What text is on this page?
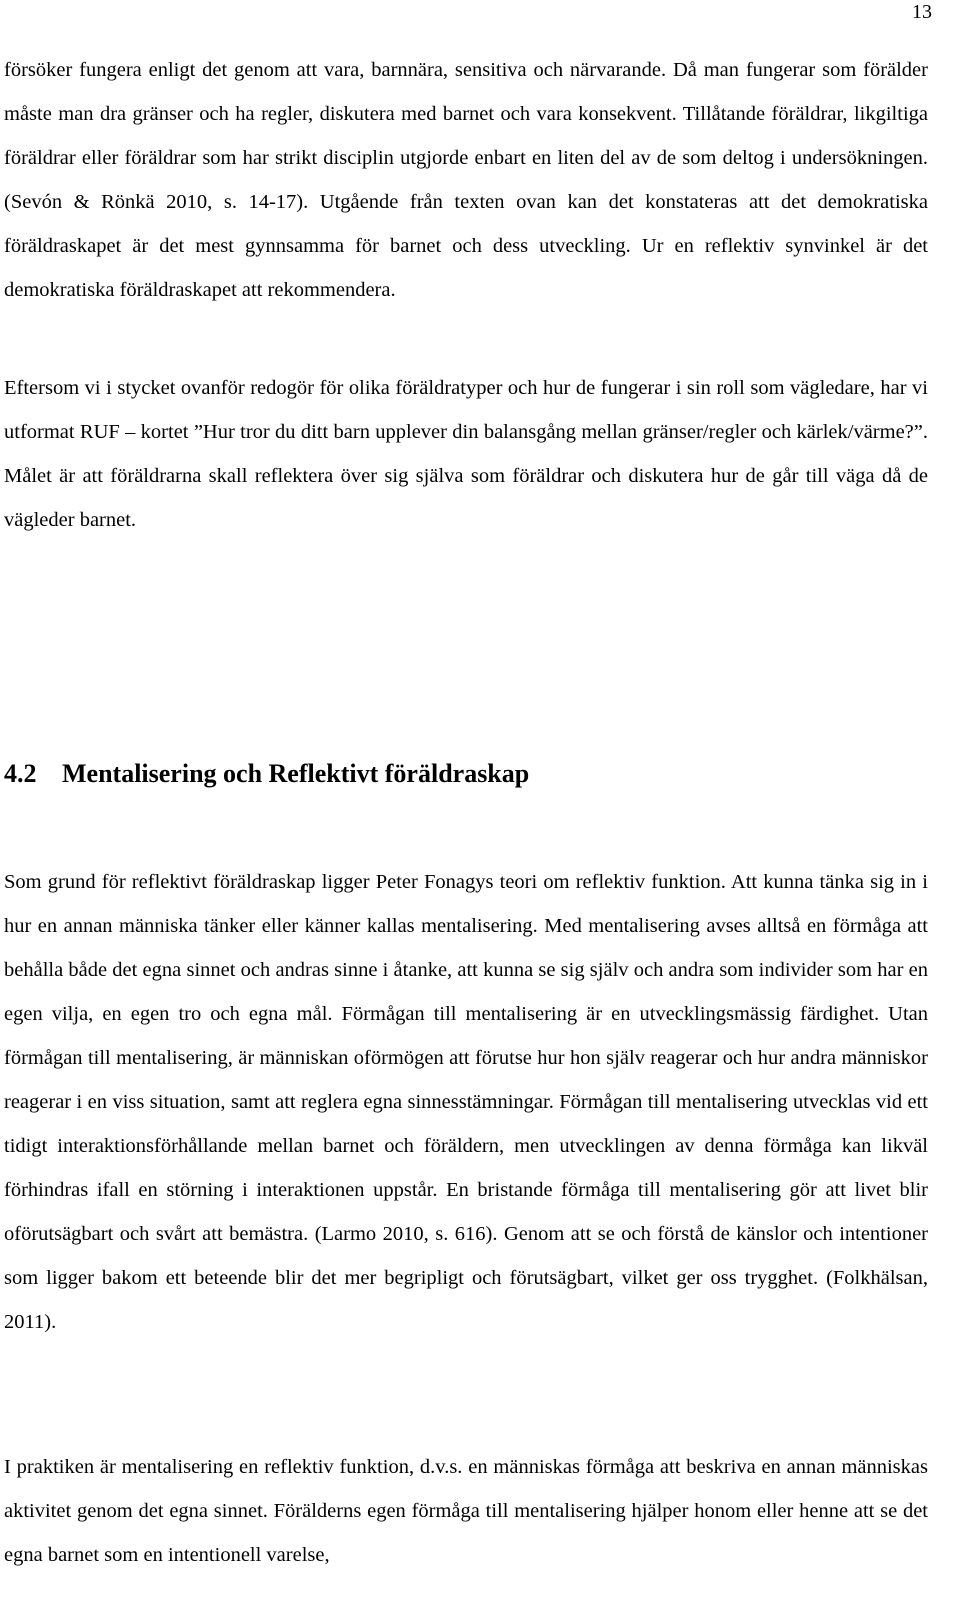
13

försöker fungera enligt det genom att vara, barnnära, sensitiva och närvarande. Då man fungerar som förälder måste man dra gränser och ha regler, diskutera med barnet och vara konsekvent. Tillåtande föräldrar, likgiltiga föräldrar eller föräldrar som har strikt disciplin utgjorde enbart en liten del av de som deltog i undersökningen. (Sevón & Rönkä 2010, s. 14-17). Utgående från texten ovan kan det konstateras att det demokratiska föräldraskapet är det mest gynnsamma för barnet och dess utveckling. Ur en reflektiv synvinkel är det demokratiska föräldraskapet att rekommendera.

Eftersom vi i stycket ovanför redogör för olika föräldratyper och hur de fungerar i sin roll som vägledare, har vi utformat RUF – kortet ”Hur tror du ditt barn upplever din balansgång mellan gränser/regler och kärlek/värme?”. Målet är att föräldrarna skall reflektera över sig själva som föräldrar och diskutera hur de går till väga då de vägleder barnet.

4.2 Mentalisering och Reflektivt föräldraskap

Som grund för reflektivt föräldraskap ligger Peter Fonagys teori om reflektiv funktion. Att kunna tänka sig in i hur en annan människa tänker eller känner kallas mentalisering. Med mentalisering avses alltså en förmåga att behålla både det egna sinnet och andras sinne i åtanke, att kunna se sig själv och andra som individer som har en egen vilja, en egen tro och egna mål. Förmågan till mentalisering är en utvecklingsmässig färdighet. Utan förmågan till mentalisering, är människan oförmögen att förutse hur hon själv reagerar och hur andra människor reagerar i en viss situation, samt att reglera egna sinnesstämningar. Förmågan till mentalisering utvecklas vid ett tidigt interaktionsförhållande mellan barnet och föräldern, men utvecklingen av denna förmåga kan likväl förhindras ifall en störning i interaktionen uppstår. En bristande förmåga till mentalisering gör att livet blir oförutsägbart och svårt att bemästra. (Larmo 2010, s. 616). Genom att se och förstå de känslor och intentioner som ligger bakom ett beteende blir det mer begripligt och förutsägbart, vilket ger oss trygghet. (Folkhälsan, 2011).

I praktiken är mentalisering en reflektiv funktion, d.v.s. en människas förmåga att beskriva en annan människas aktivitet genom det egna sinnet. Förälderns egen förmåga till mentalisering hjälper honom eller henne att se det egna barnet som en intentionell varelse,
